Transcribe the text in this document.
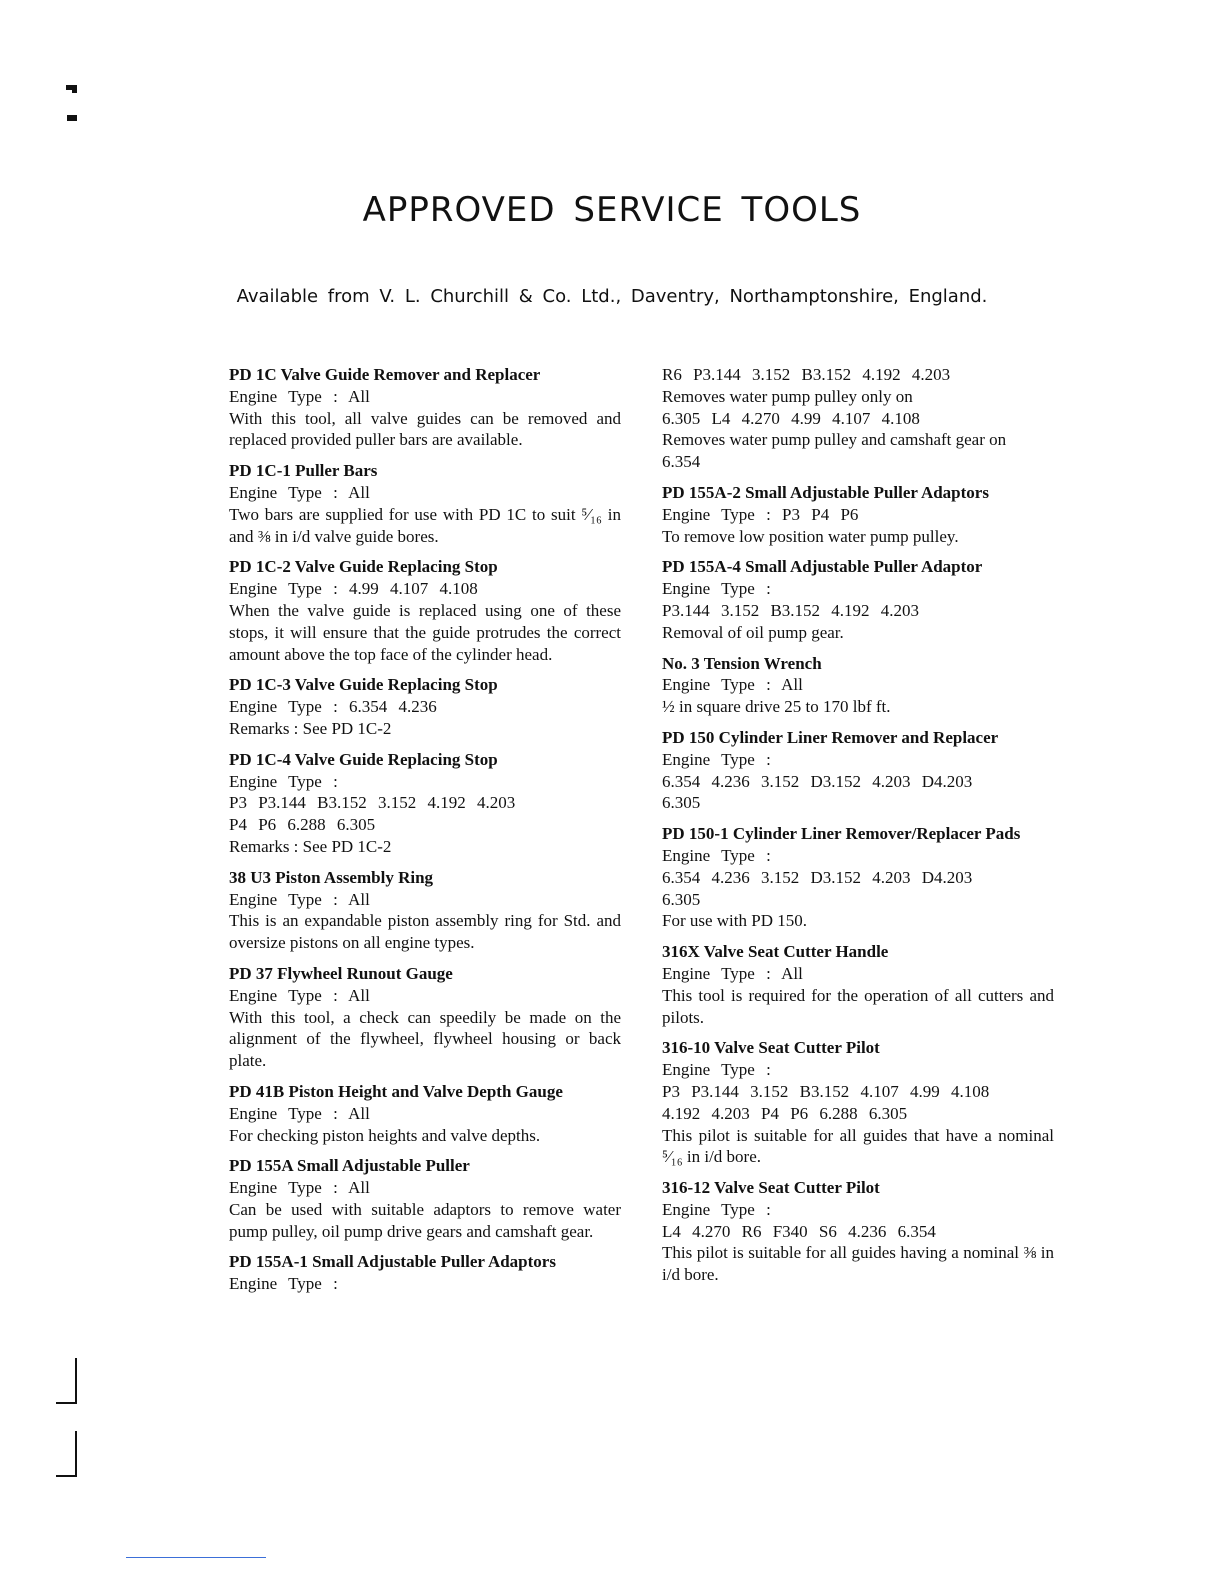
APPROVED SERVICE TOOLS
Available from V. L. Churchill & Co. Ltd., Daventry, Northamptonshire, England.
PD 1C Valve Guide Remover and Replacer
Engine Type : All
With this tool, all valve guides can be removed and replaced provided puller bars are available.
PD 1C-1 Puller Bars
Engine Type : All
Two bars are supplied for use with PD 1C to suit ⁵⁄₁₆ in and ⅜ in i/d valve guide bores.
PD 1C-2 Valve Guide Replacing Stop
Engine Type : 4.99 4.107 4.108
When the valve guide is replaced using one of these stops, it will ensure that the guide protrudes the correct amount above the top face of the cylinder head.
PD 1C-3 Valve Guide Replacing Stop
Engine Type : 6.354 4.236
Remarks : See PD 1C-2
PD 1C-4 Valve Guide Replacing Stop
Engine Type :
P3 P3.144 B3.152 3.152 4.192 4.203
P4 P6 6.288 6.305
Remarks : See PD 1C-2
38 U3 Piston Assembly Ring
Engine Type : All
This is an expandable piston assembly ring for Std. and oversize pistons on all engine types.
PD 37 Flywheel Runout Gauge
Engine Type : All
With this tool, a check can speedily be made on the alignment of the flywheel, flywheel housing or back plate.
PD 41B Piston Height and Valve Depth Gauge
Engine Type : All
For checking piston heights and valve depths.
PD 155A Small Adjustable Puller
Engine Type : All
Can be used with suitable adaptors to remove water pump pulley, oil pump drive gears and camshaft gear.
PD 155A-1 Small Adjustable Puller Adaptors
Engine Type :
R6 P3.144 3.152 B3.152 4.192 4.203
Removes water pump pulley only on
6.305 L4 4.270 4.99 4.107 4.108
Removes water pump pulley and camshaft gear on
6.354
PD 155A-2 Small Adjustable Puller Adaptors
Engine Type : P3 P4 P6
To remove low position water pump pulley.
PD 155A-4 Small Adjustable Puller Adaptor
Engine Type :
P3.144 3.152 B3.152 4.192 4.203
Removal of oil pump gear.
No. 3 Tension Wrench
Engine Type : All
½ in square drive 25 to 170 lbf ft.
PD 150 Cylinder Liner Remover and Replacer
Engine Type :
6.354 4.236 3.152 D3.152 4.203 D4.203
6.305
PD 150-1 Cylinder Liner Remover/Replacer Pads
Engine Type :
6.354 4.236 3.152 D3.152 4.203 D4.203
6.305
For use with PD 150.
316X Valve Seat Cutter Handle
Engine Type : All
This tool is required for the operation of all cutters and pilots.
316-10 Valve Seat Cutter Pilot
Engine Type :
P3 P3.144 3.152 B3.152 4.107 4.99 4.108
4.192 4.203 P4 P6 6.288 6.305
This pilot is suitable for all guides that have a nominal ⁵⁄₁₆ in i/d bore.
316-12 Valve Seat Cutter Pilot
Engine Type :
L4 4.270 R6 F340 S6 4.236 6.354
This pilot is suitable for all guides having a nominal ⅜ in i/d bore.
